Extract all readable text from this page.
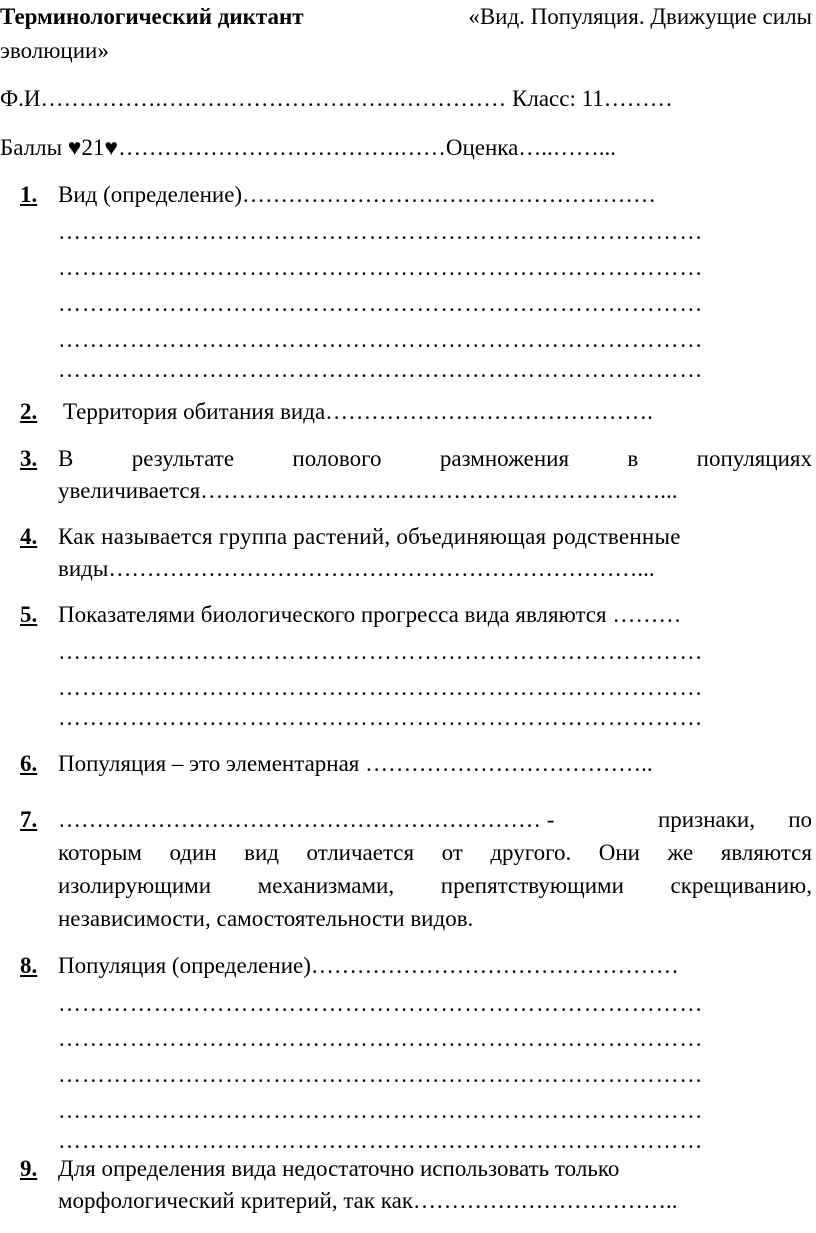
Терминологический диктант	«Вид. Популяция. Движущие силы
эволюции»
Ф.И…………….……………………………………… Класс: 11………
Баллы ♥21♥……………………………….……Оценка…..……...
1. Вид (определение)………………………………………………
………………………………………………………………………
………………………………………………………………………
………………………………………………………………………
………………………………………………………………………
………………………………………………………………………
2.	Территория обитания вида…………………………………….
3. В	результате	полового	размножения	в	популяциях
увеличивается……………………………………………………...
4. Как называется группа растений, объединяющая родственные
виды……………………………………………………………...
5. Показателями биологического прогресса вида являются ………
………………………………………………………………………
………………………………………………………………………
………………………………………………………………………
6. Популяция – это элементарная ………………………………..
7. ……………………………………………………… -	признаки, по
которым один вид отличается от другого. Они же являются
изолирующими механизмами, препятствующими скрещиванию,
независимости, самостоятельности видов.
8. Популяция (определение)…………………………………………
………………………………………………………………………
………………………………………………………………………
………………………………………………………………………
………………………………………………………………………
………………………………………………………………………
9. Для определения вида недостаточно использовать только
морфологический критерий, так как……………………………..
